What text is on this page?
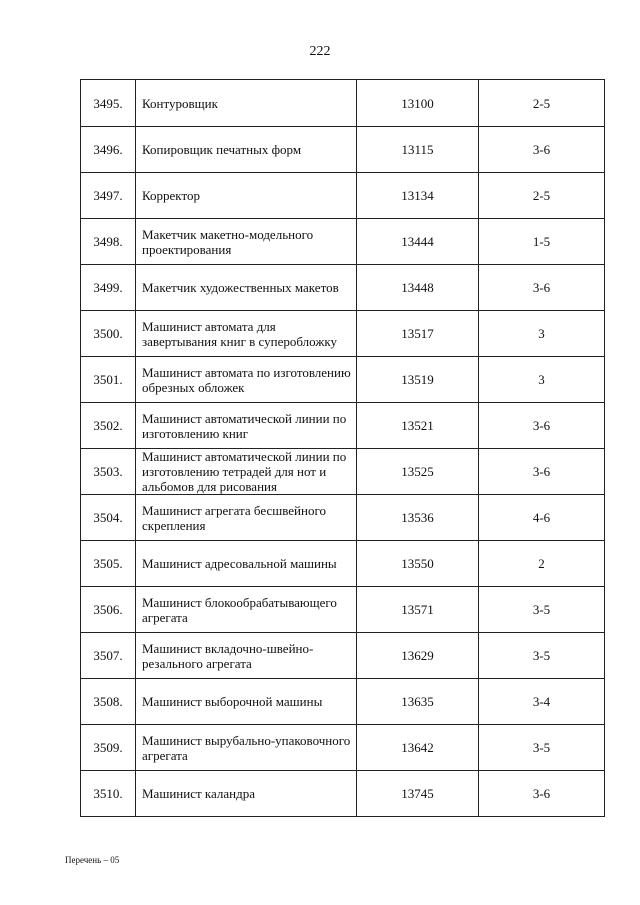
222
3495.	Контуровщик	13100	2-5
3496.	Копировщик печатных форм	13115	3-6
3497.	Корректор	13134	2-5
3498.	Макетчик макетно-модельного проектирования	13444	1-5
3499.	Макетчик художественных макетов	13448	3-6
3500.	Машинист автомата для завертывания книг в суперобложку	13517	3
3501.	Машинист автомата по изготовлению обрезных обложек	13519	3
3502.	Машинист автоматической линии по изготовлению книг	13521	3-6
3503.	Машинист автоматической линии по изготовлению тетрадей для нот и альбомов для рисования	13525	3-6
3504.	Машинист агрегата бесшвейного скрепления	13536	4-6
3505.	Машинист адресовальной машины	13550	2
3506.	Машинист блокообрабатывающего агрегата	13571	3-5
3507.	Машинист вкладочно-швейно-резального агрегата	13629	3-5
3508.	Машинист выборочной машины	13635	3-4
3509.	Машинист вырубально-упаковочного агрегата	13642	3-5
3510.	Машинист каландра	13745	3-6
Перечень – 05
